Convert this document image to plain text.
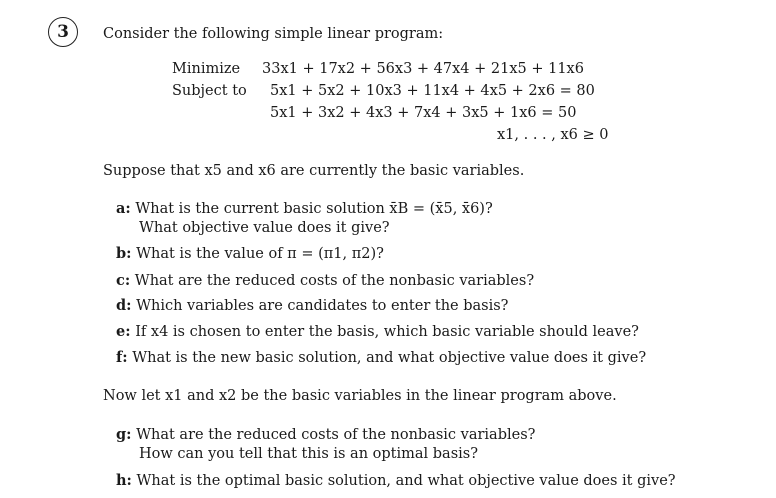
3	Consider the following simple linear program:
Minimize 33x1 + 17x2 + 56x3 + 47x4 + 21x5 + 11x6
Subject to 5x1 + 5x2 + 10x3 + 11x4 + 4x5 + 2x6 = 80
5x1 + 3x2 + 4x3 + 7x4 + 3x5 + 1x6 = 50
x1, . . . , x6 ≥ 0
Suppose that x5 and x6 are currently the basic variables.
a: What is the current basic solution x̄B = (x̄5, x̄6)?
What objective value does it give?
b: What is the value of π = (π1, π2)?
c: What are the reduced costs of the nonbasic variables?
d: Which variables are candidates to enter the basis?
e: If x4 is chosen to enter the basis, which basic variable should leave?
f: What is the new basic solution, and what objective value does it give?
Now let x1 and x2 be the basic variables in the linear program above.
g: What are the reduced costs of the nonbasic variables?
How can you tell that this is an optimal basis?
h: What is the optimal basic solution, and what objective value does it give?
